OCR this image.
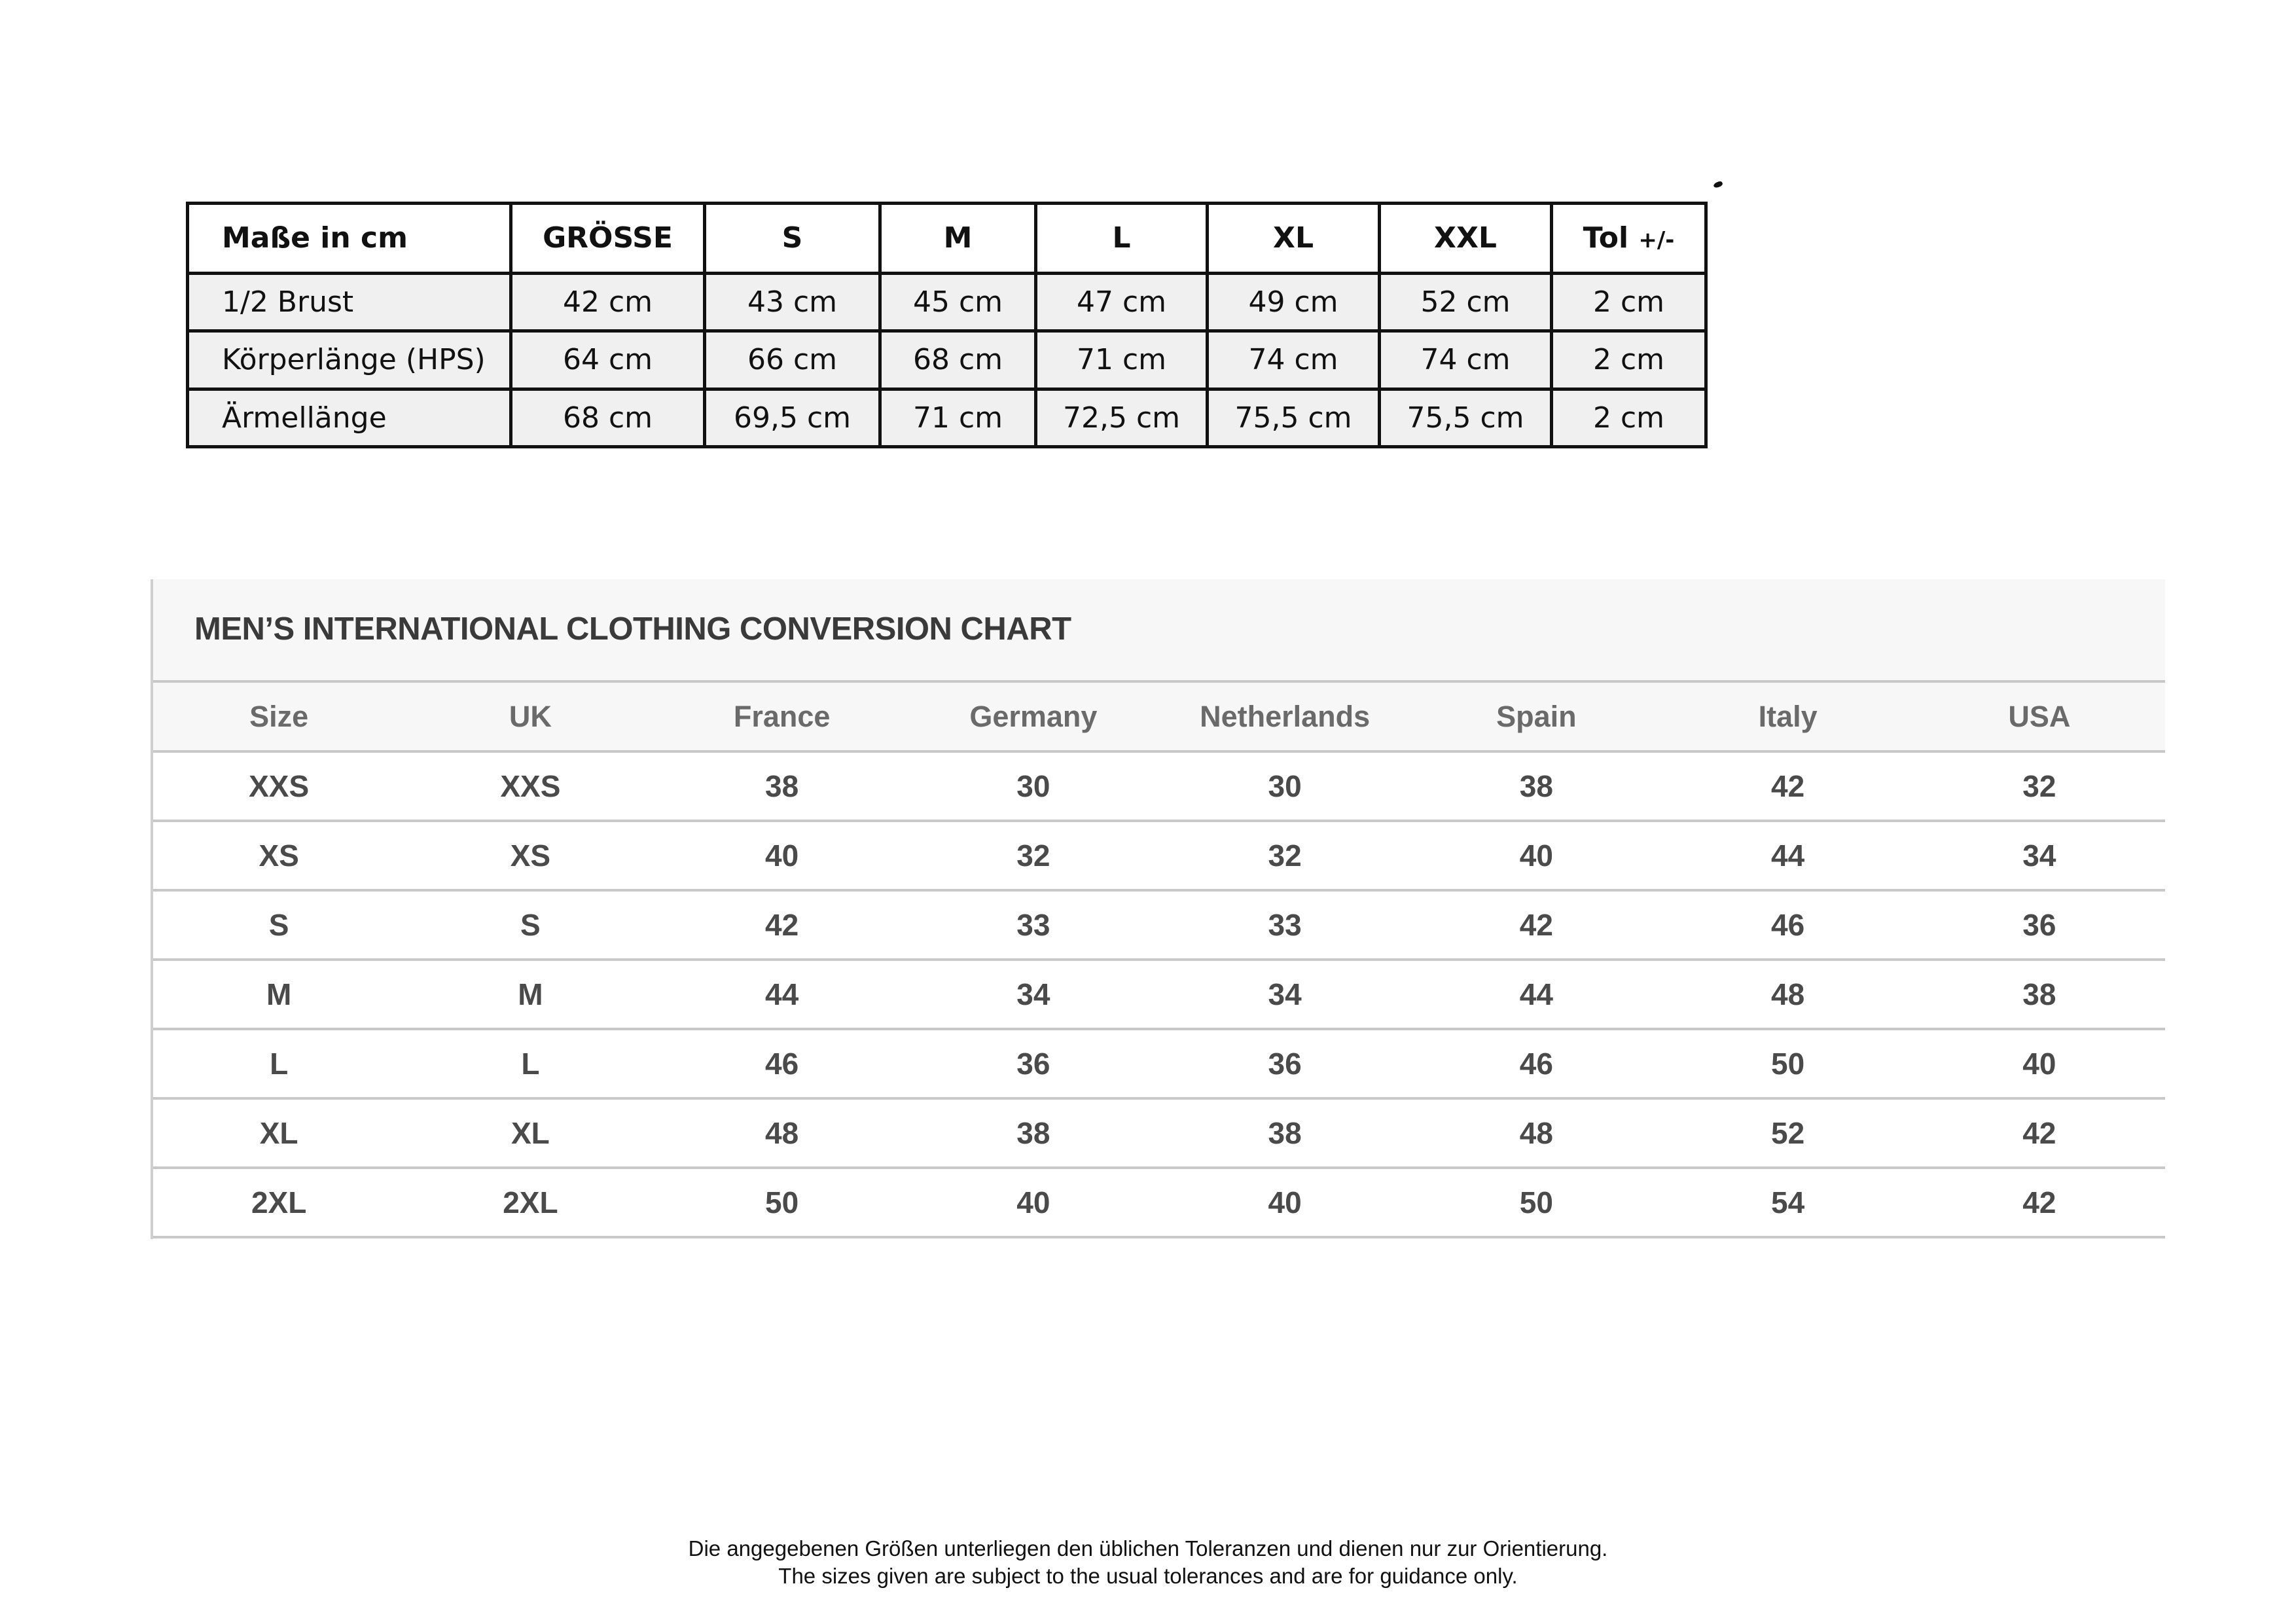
Maße in cm	GRÖSSE	S	M	L	XL	XXL	Tol +/-
1/2 Brust	42 cm	43 cm	45 cm	47 cm	49 cm	52 cm	2 cm
Körperlänge (HPS)	64 cm	66 cm	68 cm	71 cm	74 cm	74 cm	2 cm
Ärmellänge	68 cm	69,5 cm	71 cm	72,5 cm	75,5 cm	75,5 cm	2 cm
MEN’S INTERNATIONAL CLOTHING CONVERSION CHART
Size	UK	France	Germany	Netherlands	Spain	Italy	USA
XXS	XXS	38	30	30	38	42	32
XS	XS	40	32	32	40	44	34
S	S	42	33	33	42	46	36
M	M	44	34	34	44	48	38
L	L	46	36	36	46	50	40
XL	XL	48	38	38	48	52	42
2XL	2XL	50	40	40	50	54	42
Die angegebenen Größen unterliegen den üblichen Toleranzen und dienen nur zur Orientierung.
The sizes given are subject to the usual tolerances and are for guidance only.
